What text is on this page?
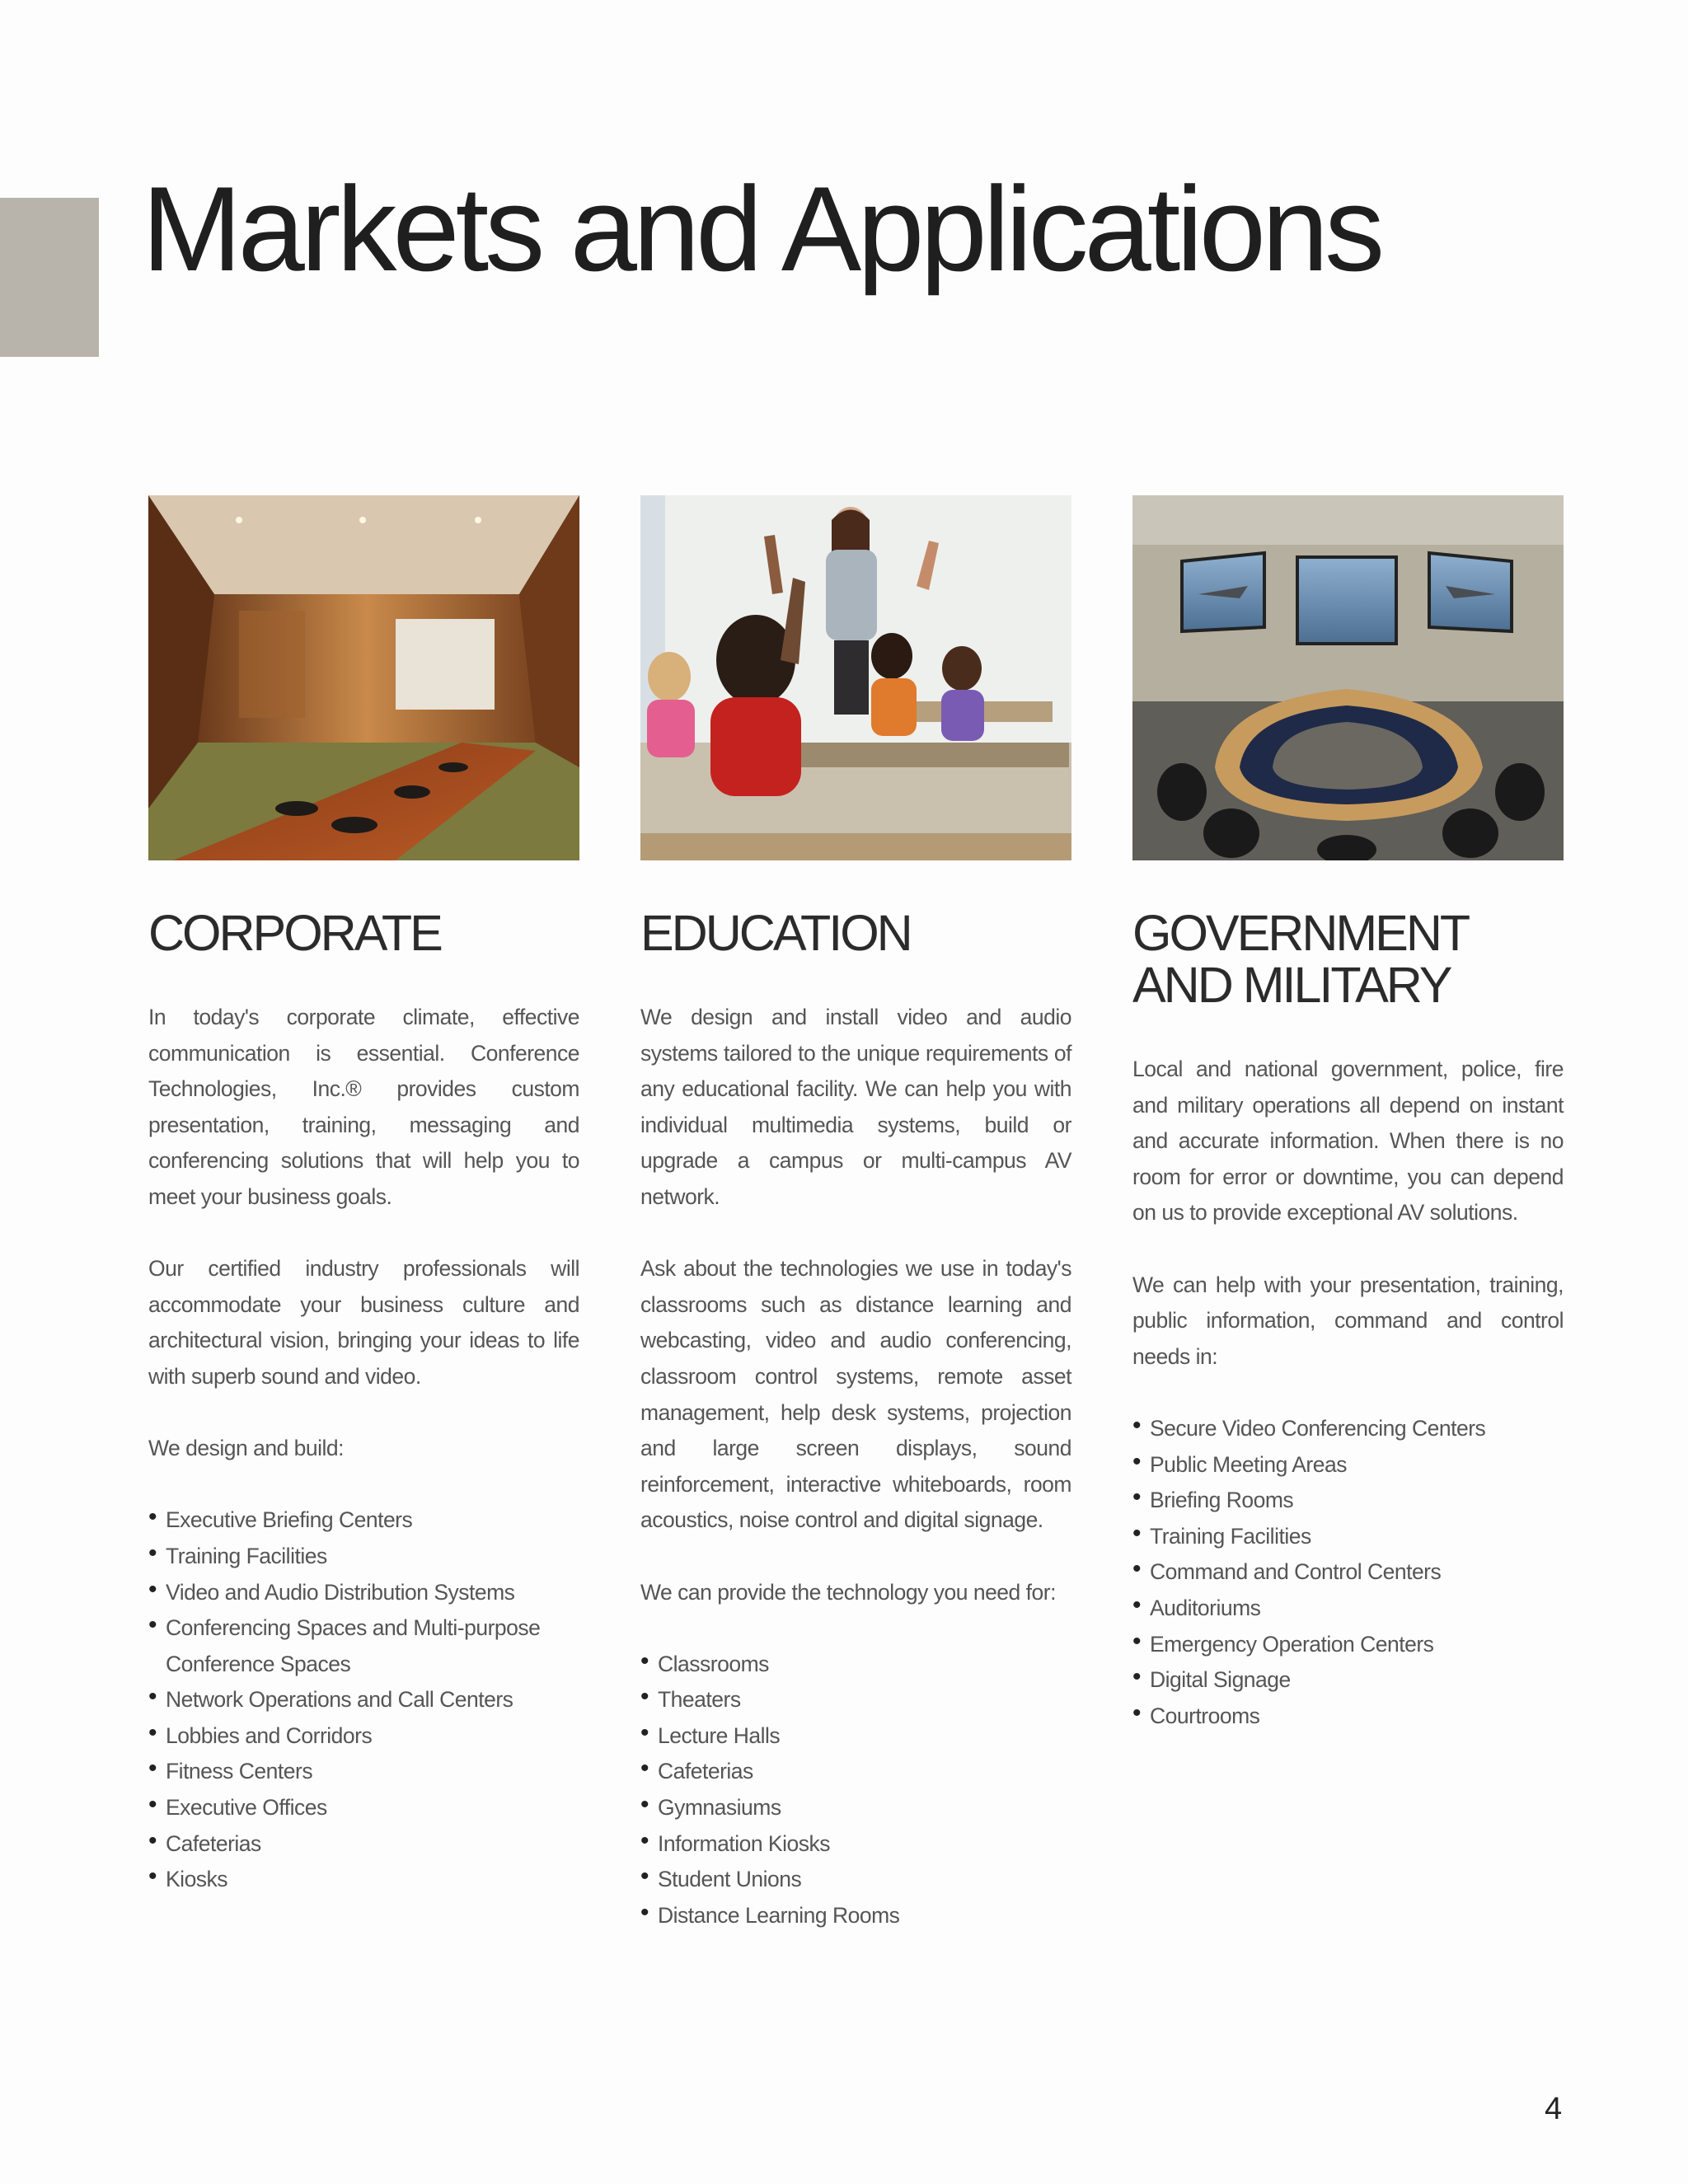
Markets and Applications
CORPORATE

In today's corporate climate, effective communication is essential. Conference Technologies, Inc.® provides custom presentation, training, messaging and conferencing solutions that will help you to meet your business goals.

Our certified industry professionals will accommodate your business culture and architectural vision, bringing your ideas to life with superb sound and video.

We design and build:

• Executive Briefing Centers
• Training Facilities
• Video and Audio Distribution Systems
• Conferencing Spaces and Multi-purpose Conference Spaces
• Network Operations and Call Centers
• Lobbies and Corridors
• Fitness Centers
• Executive Offices
• Cafeterias
• Kiosks
EDUCATION

We design and install video and audio systems tailored to the unique requirements of any educational facility. We can help you with individual multimedia systems, build or upgrade a campus or multi-campus AV network.

Ask about the technologies we use in today's classrooms such as distance learning and webcasting, video and audio conferencing, classroom control systems, remote asset management, help desk systems, projection and large screen displays, sound reinforcement, interactive whiteboards, room acoustics, noise control and digital signage.

We can provide the technology you need for:

• Classrooms
• Theaters
• Lecture Halls
• Cafeterias
• Gymnasiums
• Information Kiosks
• Student Unions
• Distance Learning Rooms
GOVERNMENT AND MILITARY

Local and national government, police, fire and military operations all depend on instant and accurate information. When there is no room for error or downtime, you can depend on us to provide exceptional AV solutions.

We can help with your presentation, training, public information, command and control needs in:

• Secure Video Conferencing Centers
• Public Meeting Areas
• Briefing Rooms
• Training Facilities
• Command and Control Centers
• Auditoriums
• Emergency Operation Centers
• Digital Signage
• Courtrooms
4
